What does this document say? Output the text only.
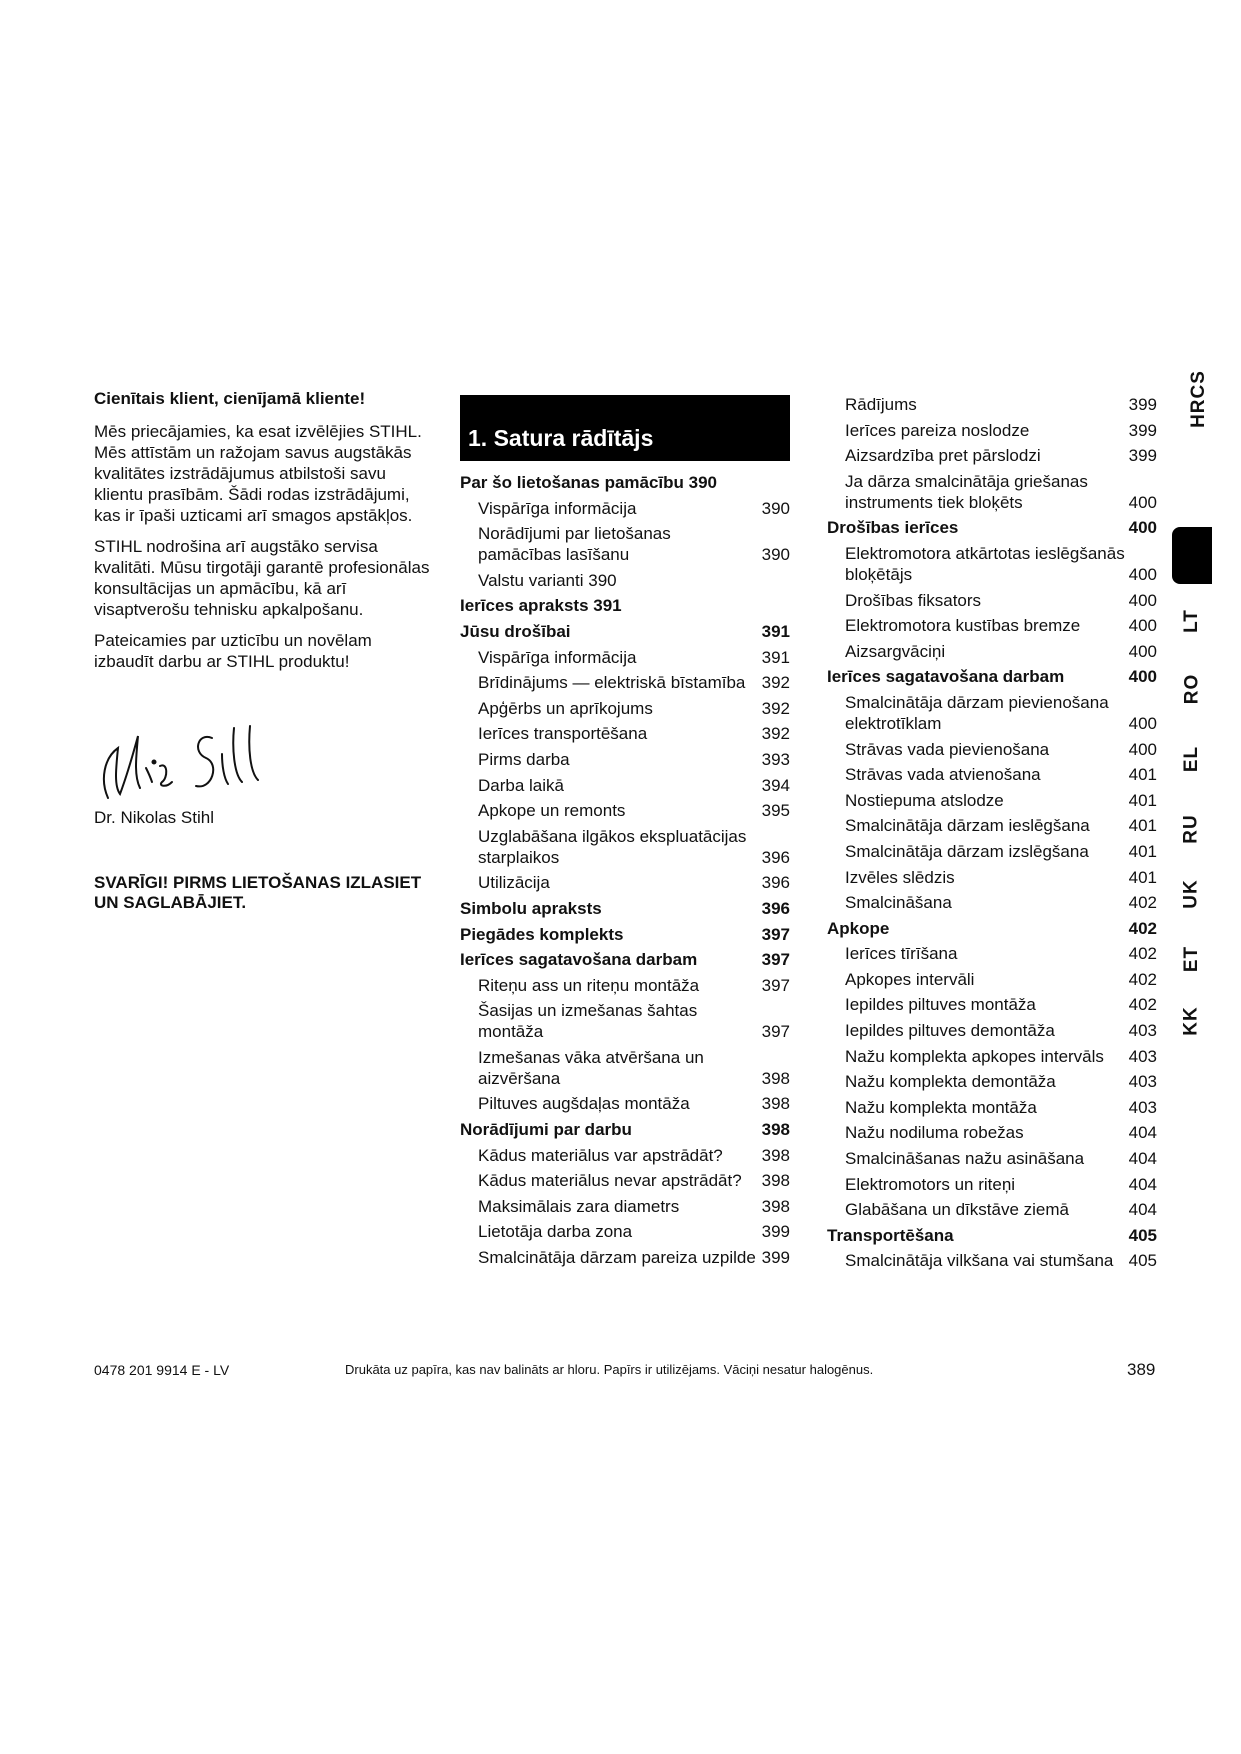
Cienītais klient, cienījamā kliente!

Mēs priecājamies, ka esat izvēlējies STIHL. Mēs attīstām un ražojam savus augstākās kvalitātes izstrādājumus atbilstoši savu klientu prasībām. Šādi rodas izstrādājumi, kas ir īpaši uzticami arī smagos apstākļos.

STIHL nodrošina arī augstāko servisa kvalitāti. Mūsu tirgotāji garantē profesionālas konsultācijas un apmācību, kā arī visaptverošu tehnisku apkalpošanu.

Pateicamies par uzticību un novēlam izbaudīt darbu ar STIHL produktu!

Dr. Nikolas Stihl
SVARĪGI! PIRMS LIETOŠANAS IZLASIET UN SAGLABĀJIET.
1. Satura rādītājs
Par šo lietošanas pamācību 390
Vispārīga informācija	390
Norādījumi par lietošanas pamācības lasīšanu	390
Valstu varianti 390
Ierīces apraksts 391
Jūsu drošībai	391
Vispārīga informācija	391
Brīdinājums — elektriskā bīstamība 392
Apģērbs un aprīkojums	392
Ierīces transportēšana	392
Pirms darba	393
Darba laikā	394
Apkope un remonts	395
Uzglabāšana ilgākos ekspluatācijas starplaikos	396
Utilizācija	396
Simbolu apraksts	396
Piegādes komplekts	397
Ierīces sagatavošana darbam	397
Riteņu ass un riteņu montāža	397
Šasijas un izmešanas šahtas montāža	397
Izmešanas vāka atvēršana un aizvēršana	398
Piltuves augšdaļas montāža	398
Norādījumi par darbu	398
Kādus materiālus var apstrādāt?	398
Kādus materiālus nevar apstrādāt?	398
Maksimālais zara diametrs	398
Lietotāja darba zona	399
Smalcinātāja dārzam pareiza uzpilde 399
Rādījums	399
Ierīces pareiza noslodze	399
Aizsardzība pret pārslodzi	399
Ja dārza smalcinātāja griešanas instruments tiek bloķēts	400
Drošības ierīces	400
Elektromotora atkārtotas ieslēgšanās bloķētājs	400
Drošības fiksators	400
Elektromotora kustības bremze	400
Aizsargvāciņi	400
Ierīces sagatavošana darbam	400
Smalcinātāja dārzam pievienošana elektrotīklam	400
Strāvas vada pievienošana	400
Strāvas vada atvienošana	401
Nostiepuma atslodze	401
Smalcinātāja dārzam ieslēgšana	401
Smalcinātāja dārzam izslēgšana	401
Izvēles slēdzis	401
Smalcināšana	402
Apkope	402
Ierīces tīrīšana	402
Apkopes intervāli	402
Iepildes piltuves montāža	402
Iepildes piltuves demontāža	403
Nažu komplekta apkopes intervāls	403
Nažu komplekta demontāža	403
Nažu komplekta montāža	403
Nažu nodiluma robežas	404
Smalcināšanas nažu asināšana	404
Elektromotors un riteņi	404
Glabāšana un dīkstāve ziemā	404
Transportēšana	405
Smalcinātāja vilkšana vai stumšana 405
HRCS
LT
RO
EL
RU
UK
ET
KK
0478 201 9914 E - LV	Drukāta uz papīra, kas nav balināts ar hloru. Papīrs ir utilizējams. Vāciņi nesatur halogēnus.	389
